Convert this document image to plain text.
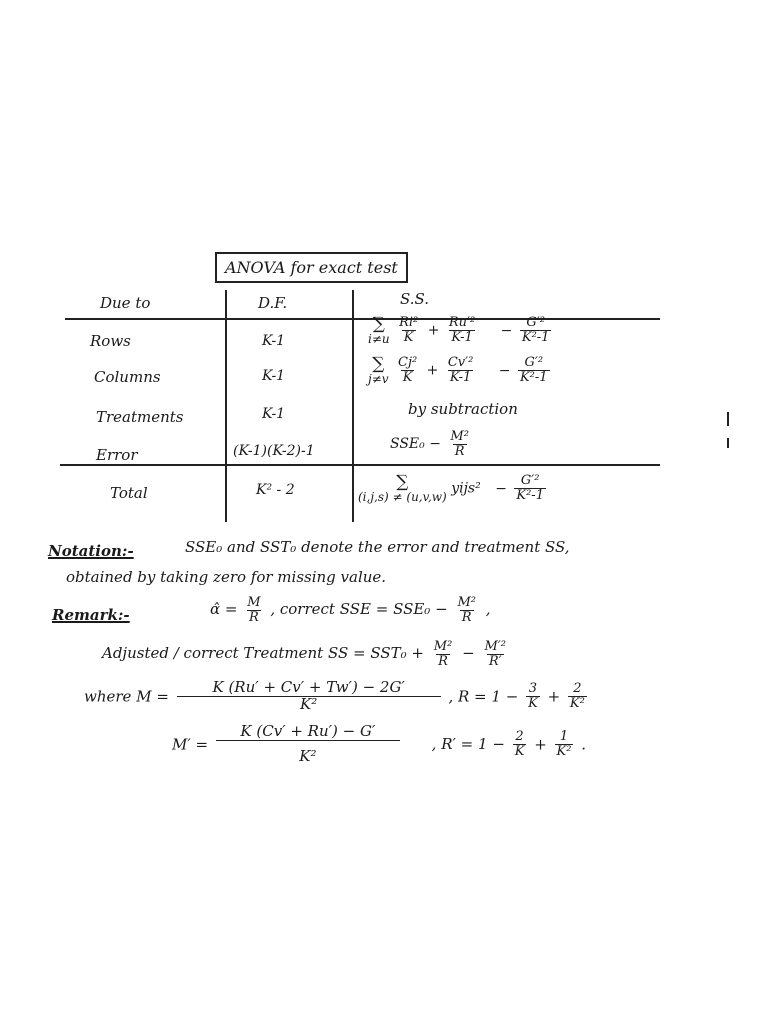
ANOVA for exact test
Due to	D.F.	S.S.
Rows	K-1
∑
i≠u
$\frac{\text{Ri²}}{K} + \frac{\text{Ru′²}}{K-1} - \frac{\text{G′²}}{\text{K²-1}}$
Columns	K-1
∑
j≠v
$\frac{\text{Cj²}}{K} + \frac{\text{Cv′²}}{K-1} - \frac{\text{G′²}}{\text{K²-1}}$
Treatments	K-1	by subtraction
Error	(K-1)(K-2)-1	$SSE_0 - \frac{\text{M²}}{R}$
Total	K² - 2	∑
(i,j,s) ≠ (u,v,w)
yijs² − $\frac{\text{G′²}}{\text{K²-1}}$
Notation:-	SSE₀ and SST₀ denote the error and treatment SS,
obtained by taking zero for missing value.
Remark:-	α̂ = $\frac{M}{R}$ , correct SSE = $SSE_0 - \frac{\text{M²}}{R}$ ,
Adjusted / correct Treatment SS = $SST_0 + \frac{\text{M²}}{R} - \frac{\text{M′²}}{R'}$
where $M = \frac{K (Ru' + Cv' + Tw') - 2G'}{\text{K²}}$ , $R = 1 - \frac{3}{K} + \frac{2}{\text{K²}}$
$M' = \frac{K (Cv' + Ru') - G'}{\text{K²}}$ , $R' = 1 - \frac{2}{K} + \frac{1}{\text{K²}}$ .
